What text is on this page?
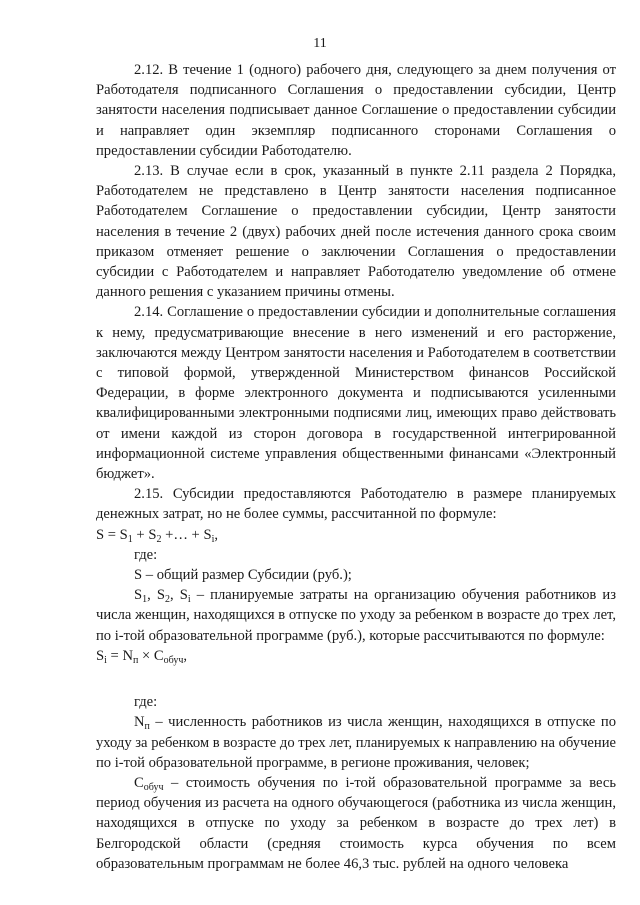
11

2.12. В течение 1 (одного) рабочего дня, следующего за днем получения от Работодателя подписанного Соглашения о предоставлении субсидии, Центр занятости населения подписывает данное Соглашение о предоставлении субсидии и направляет один экземпляр подписанного сторонами Соглашения о предоставлении субсидии Работодателю.

2.13. В случае если в срок, указанный в пункте 2.11 раздела 2 Порядка, Работодателем не представлено в Центр занятости населения подписанное Работодателем Соглашение о предоставлении субсидии, Центр занятости населения в течение 2 (двух) рабочих дней после истечения данного срока своим приказом отменяет решение о заключении Соглашения о предоставлении субсидии с Работодателем и направляет Работодателю уведомление об отмене данного решения с указанием причины отмены.

2.14. Соглашение о предоставлении субсидии и дополнительные соглашения к нему, предусматривающие внесение в него изменений и его расторжение, заключаются между Центром занятости населения и Работодателем в соответствии с типовой формой, утвержденной Министерством финансов Российской Федерации, в форме электронного документа и подписываются усиленными квалифицированными электронными подписями лиц, имеющих право действовать от имени каждой из сторон договора в государственной интегрированной информационной системе управления общественными финансами «Электронный бюджет».

2.15. Субсидии предоставляются Работодателю в размере планируемых денежных затрат, но не более суммы, рассчитанной по формуле:

$S = S_1 + S_2$ +… + $S_i$,

где:

S – общий размер Субсидии (руб.);

$S_1$, $S_2$, $S_i$ – планируемые затраты на организацию обучения работников из числа женщин, находящихся в отпуске по уходу за ребенком в возрасте до трех лет, по i-той образовательной программе (руб.), которые рассчитываются по формуле:

$S_i = N_п \times С_{обуч}$,

где:

$N_п$ – численность работников из числа женщин, находящихся в отпуске по уходу за ребенком в возрасте до трех лет, планируемых к направлению на обучение по i-той образовательной программе, в регионе проживания, человек;

$С_{обуч}$ – стоимость обучения по i-той образовательной программе за весь период обучения из расчета на одного обучающегося (работника из числа женщин, находящихся в отпуске по уходу за ребенком в возрасте до трех лет) в Белгородской области (средняя стоимость курса обучения по всем образовательным программам не более 46,3 тыс. рублей на одного человека
